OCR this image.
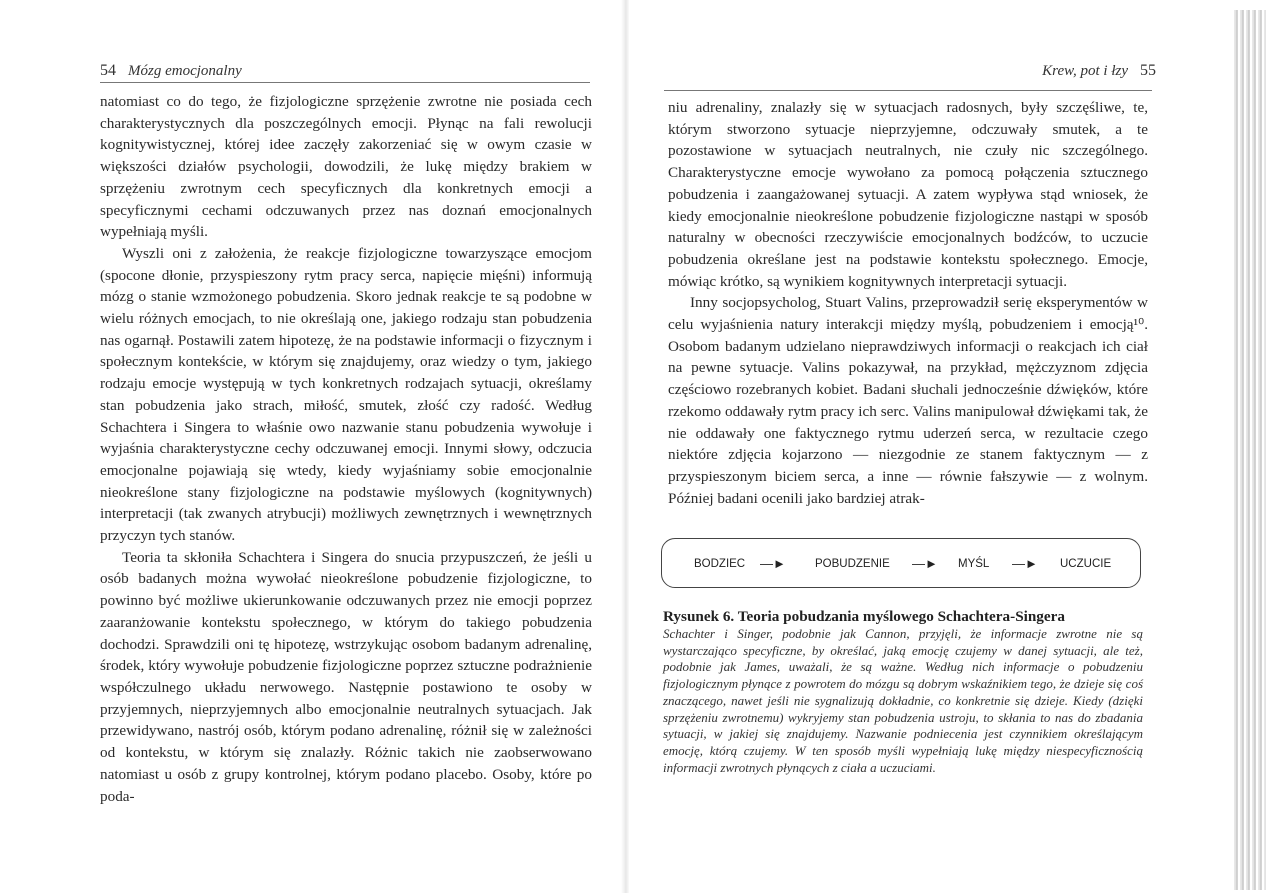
54 Mózg emocjonalny

natomiast co do tego, że fizjologiczne sprzężenie zwrotne nie posiada cech charakterystycznych dla poszczególnych emocji. Płynąc na fali rewolucji kognitywistycznej, której idee zaczęły zakorzeniać się w owym czasie w większości działów psychologii, dowodzili, że lukę między brakiem w sprzężeniu zwrotnym cech specyficznych dla konkretnych emocji a specyficznymi cechami odczuwanych przez nas doznań emocjonalnych wypełniają myśli.

Wyszli oni z założenia, że reakcje fizjologiczne towarzyszące emocjom (spocone dłonie, przyspieszony rytm pracy serca, napięcie mięśni) informują mózg o stanie wzmożonego pobudzenia. Skoro jednak reakcje te są podobne w wielu różnych emocjach, to nie określają one, jakiego rodzaju stan pobudzenia nas ogarnął. Postawili zatem hipotezę, że na podstawie informacji o fizycznym i społecznym kontekście, w którym się znajdujemy, oraz wiedzy o tym, jakiego rodzaju emocje występują w tych konkretnych rodzajach sytuacji, określamy stan pobudzenia jako strach, miłość, smutek, złość czy radość. Według Schachtera i Singera to właśnie owo nazwanie stanu pobudzenia wywołuje i wyjaśnia charakterystyczne cechy odczuwanej emocji. Innymi słowy, odczucia emocjonalne pojawiają się wtedy, kiedy wyjaśniamy sobie emocjonalnie nieokreślone stany fizjologiczne na podstawie myślowych (kognitywnych) interpretacji (tak zwanych atrybucji) możliwych zewnętrznych i wewnętrznych przyczyn tych stanów.

Teoria ta skłoniła Schachtera i Singera do snucia przypuszczeń, że jeśli u osób badanych można wywołać nieokreślone pobudzenie fizjologiczne, to powinno być możliwe ukierunkowanie odczuwanych przez nie emocji poprzez zaaranżowanie kontekstu społecznego, w którym do takiego pobudzenia dochodzi. Sprawdzili oni tę hipotezę, wstrzykując osobom badanym adrenalinę, środek, który wywołuje pobudzenie fizjologiczne poprzez sztuczne podrażnienie współczulnego układu nerwowego. Następnie postawiono te osoby w przyjemnych, nieprzyjemnych albo emocjonalnie neutralnych sytuacjach. Jak przewidywano, nastrój osób, którym podano adrenalinę, różnił się w zależności od kontekstu, w którym się znalazły. Różnic takich nie zaobserwowano natomiast u osób z grupy kontrolnej, którym podano placebo. Osoby, które po poda-

Krew, pot i łzy 55

niu adrenaliny, znalazły się w sytuacjach radosnych, były szczęśliwe, te, którym stworzono sytuacje nieprzyjemne, odczuwały smutek, a te pozostawione w sytuacjach neutralnych, nie czuły nic szczególnego. Charakterystyczne emocje wywołano za pomocą połączenia sztucznego pobudzenia i zaangażowanej sytuacji. A zatem wypływa stąd wniosek, że kiedy emocjonalnie nieokreślone pobudzenie fizjologiczne nastąpi w sposób naturalny w obecności rzeczywiście emocjonalnych bodźców, to uczucie pobudzenia określane jest na podstawie kontekstu społecznego. Emocje, mówiąc krótko, są wynikiem kognitywnych interpretacji sytuacji.

Inny socjopsycholog, Stuart Valins, przeprowadził serię eksperymentów w celu wyjaśnienia natury interakcji między myślą, pobudzeniem i emocją¹⁰. Osobom badanym udzielano nieprawdziwych informacji o reakcjach ich ciał na pewne sytuacje. Valins pokazywał, na przykład, mężczyznom zdjęcia częściowo rozebranych kobiet. Badani słuchali jednocześnie dźwięków, które rzekomo oddawały rytm pracy ich serc. Valins manipulował dźwiękami tak, że nie oddawały one faktycznego rytmu uderzeń serca, w rezultacie czego niektóre zdjęcia kojarzono — niezgodnie ze stanem faktycznym — z przyspieszonym biciem serca, a inne — równie fałszywie — z wolnym. Później badani ocenili jako bardziej atrak-

BODZIEC —►	POBUDZENIE —► MYŚL —► UCZUCIE
Rysunek 6. Teoria pobudzania myślowego Schachtera-Singera
Schachter i Singer, podobnie jak Cannon, przyjęli, że informacje zwrotne nie są wystarczająco specyficzne, by określać, jaką emocję czujemy w danej sytuacji, ale też, podobnie jak James, uważali, że są ważne. Według nich informacje o pobudzeniu fizjologicznym płynące z powrotem do mózgu są dobrym wskaźnikiem tego, że dzieje się coś znaczącego, nawet jeśli nie sygnalizują dokładnie, co konkretnie się dzieje. Kiedy (dzięki sprzężeniu zwrotnemu) wykryjemy stan pobudzenia ustroju, to skłania to nas do zbadania sytuacji, w jakiej się znajdujemy. Nazwanie podniecenia jest czynnikiem określającym emocję, którą czujemy. W ten sposób myśli wypełniają lukę między niespecyficznością informacji zwrotnych płynących z ciała a uczuciami.
